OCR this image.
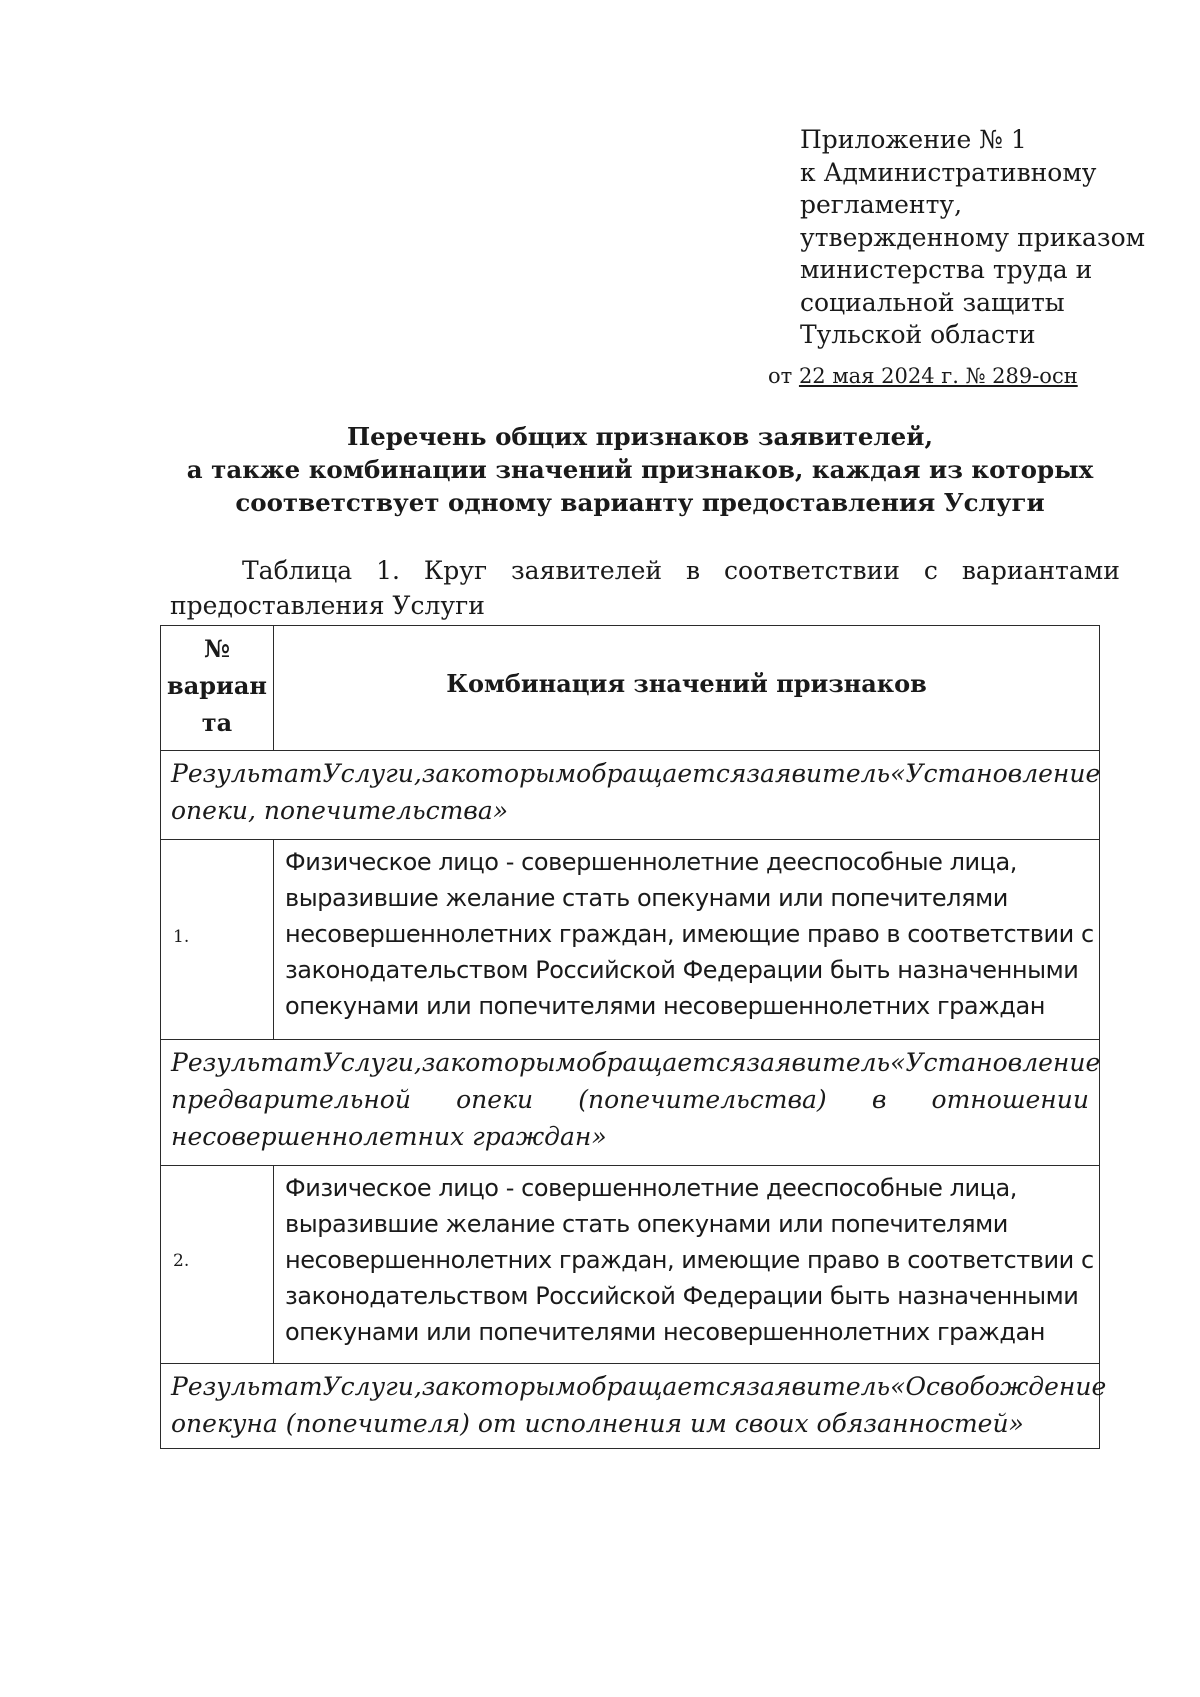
Приложение № 1
к Административному
регламенту,
утвержденному приказом
министерства труда и
социальной защиты
Тульской области
от 22 мая 2024 г. № 289-осн
Перечень общих признаков заявителей,
а также комбинации значений признаков, каждая из которых
соответствует одному варианту предоставления Услуги
Таблица 1. Круг заявителей в соответствии с вариантами
предоставления Услуги
№
вариан
та
Комбинация значений признаков
Результат Услуги, за которым обращается заявитель «Установление
опеки, попечительства»
1.
Физическое лицо - совершеннолетние дееспособные лица,
выразившие желание стать опекунами или попечителями
несовершеннолетних граждан, имеющие право в соответствии с
законодательством Российской Федерации быть назначенными
опекунами или попечителями несовершеннолетних граждан
Результат Услуги, за которым обращается заявитель «Установление
предварительной опеки (попечительства) в отношении
несовершеннолетних граждан»
2.
Физическое лицо - совершеннолетние дееспособные лица,
выразившие желание стать опекунами или попечителями
несовершеннолетних граждан, имеющие право в соответствии с
законодательством Российской Федерации быть назначенными
опекунами или попечителями несовершеннолетних граждан
Результат Услуги, за которым обращается заявитель «Освобождение
опекуна (попечителя) от исполнения им своих обязанностей»
